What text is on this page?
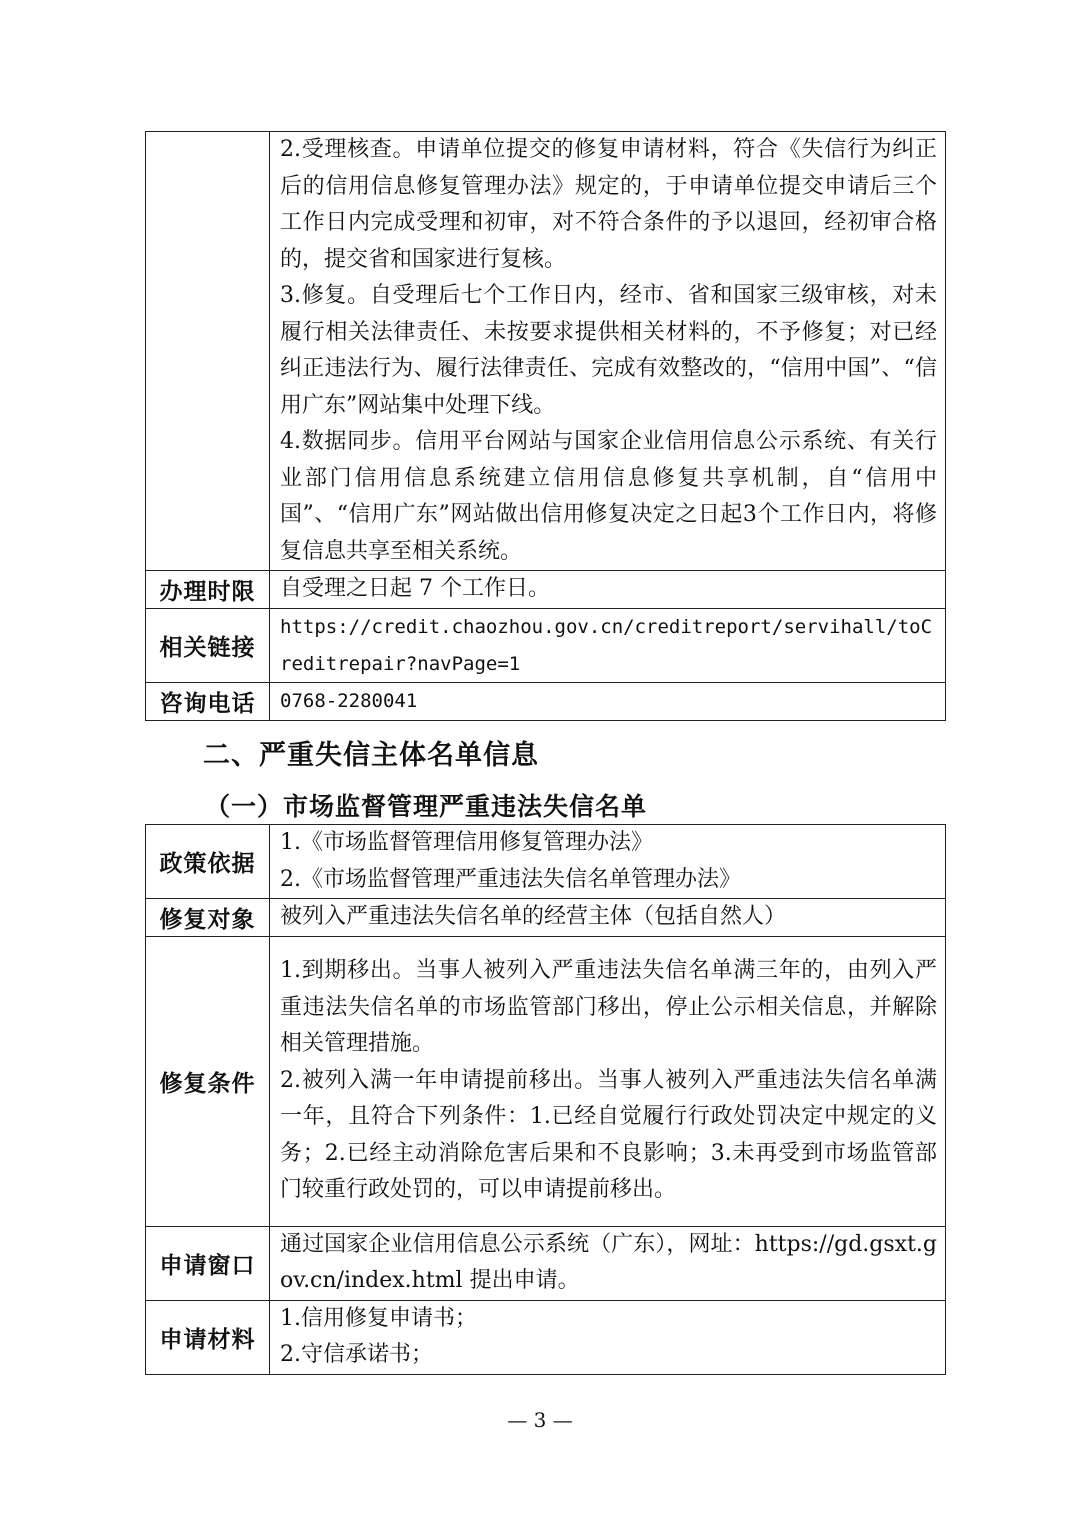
	2.受理核查。申请单位提交的修复申请材料，符合《失信行为纠正后的信用信息修复管理办法》规定的，于申请单位提交申请后三个工作日内完成受理和初审，对不符合条件的予以退回，经初审合格的，提交省和国家进行复核。

3.修复。自受理后七个工作日内，经市、省和国家三级审核，对未履行相关法律责任、未按要求提供相关材料的，不予修复；对已经纠正违法行为、履行法律责任、完成有效整改的，“信用中国”、“信用广东”网站集中处理下线。

4.数据同步。信用平台网站与国家企业信用信息公示系统、有关行业部门信用信息系统建立信用信息修复共享机制，自“信用中国”、“信用广东”网站做出信用修复决定之日起3个工作日内，将修复信息共享至相关系统。

办理时限	自受理之日起 7 个工作日。
相关链接	https://credit.chaozhou.gov.cn/creditreport/servihall/toCreditrepair?navPage=1

咨询电话	0768-2280041
二、严重失信主体名单信息
（一）市场监督管理严重违法失信名单
政策依据	1.《市场监督管理信用修复管理办法》

2.《市场监督管理严重违法失信名单管理办法》

修复对象	被列入严重违法失信名单的经营主体（包括自然人）
修复条件	1.到期移出。当事人被列入严重违法失信名单满三年的，由列入严重违法失信名单的市场监管部门移出，停止公示相关信息，并解除相关管理措施。

2.被列入满一年申请提前移出。当事人被列入严重违法失信名单满一年，且符合下列条件：1.已经自觉履行行政处罚决定中规定的义务；2.已经主动消除危害后果和不良影响；3.未再受到市场监管部门较重行政处罚的，可以申请提前移出。

申请窗口	通过国家企业信用信息公示系统（广东），网址：https://gd.gsxt.gov.cn/index.html 提出申请。
申请材料	1.信用修复申请书；

2.守信承诺书；

— 3 —
